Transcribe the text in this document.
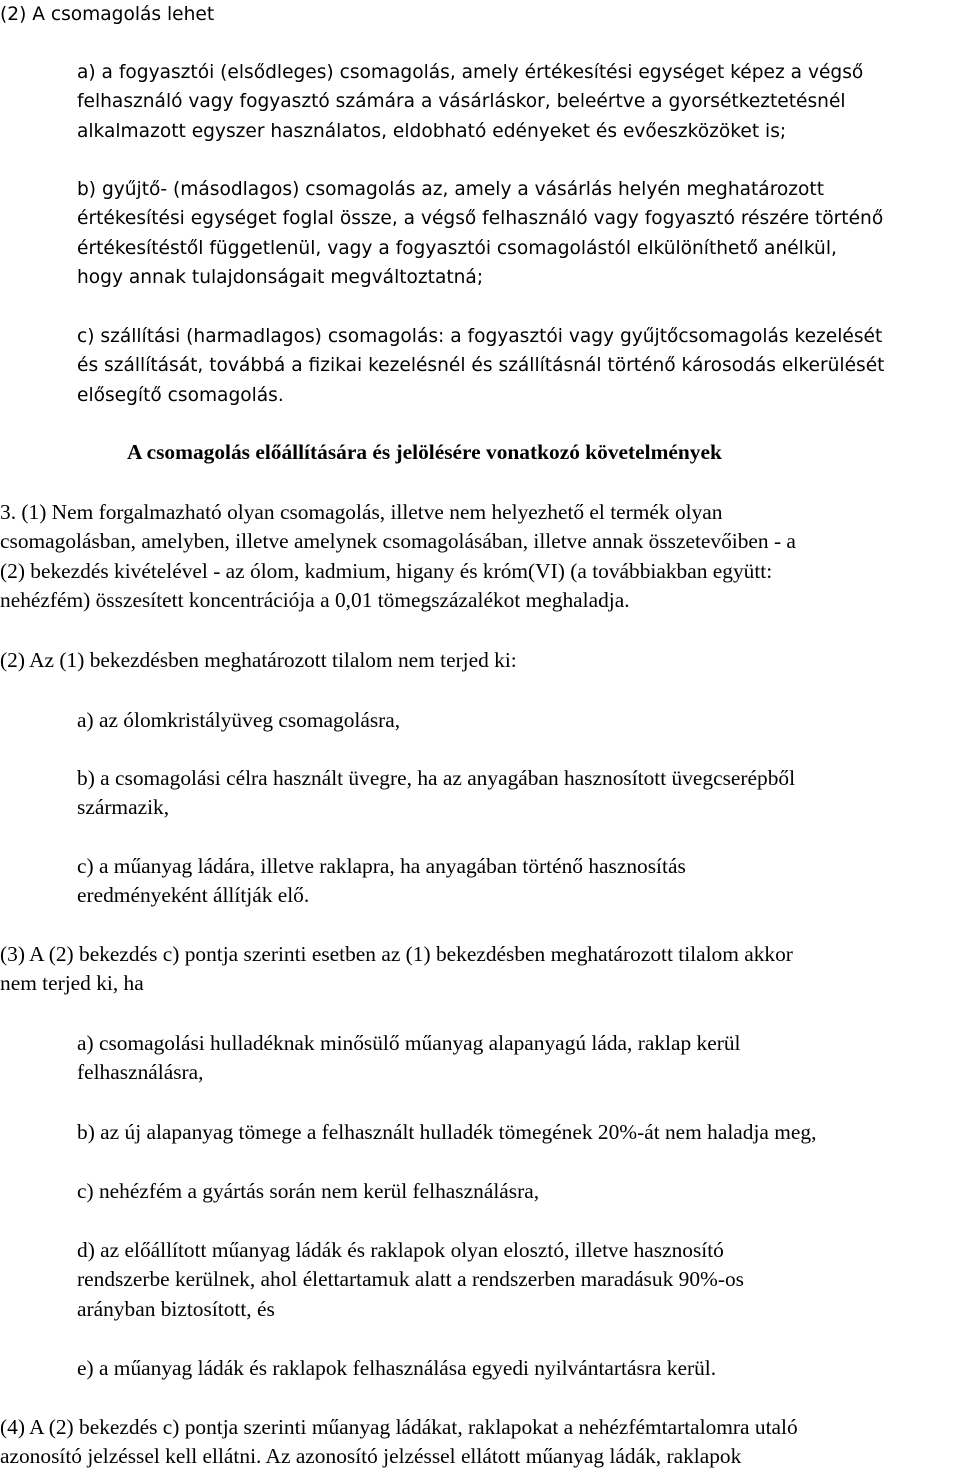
(2) A csomagolás lehet

a) a fogyasztói (elsődleges) csomagolás, amely értékesítési egységet képez a végső
felhasználó vagy fogyasztó számára a vásárláskor, beleértve a gyorsétkeztetésnél
alkalmazott egyszer használatos, eldobható edényeket és evőeszközöket is;

b) gyűjtő- (másodlagos) csomagolás az, amely a vásárlás helyén meghatározott
értékesítési egységet foglal össze, a végső felhasználó vagy fogyasztó részére történő
értékesítéstől függetlenül, vagy a fogyasztói csomagolástól elkülöníthető anélkül,
hogy annak tulajdonságait megváltoztatná;

c) szállítási (harmadlagos) csomagolás: a fogyasztói vagy gyűjtőcsomagolás kezelését
és szállítását, továbbá a fizikai kezelésnél és szállításnál történő károsodás elkerülését
elősegítő csomagolás.

A csomagolás előállítására és jelölésére vonatkozó követelmények

3. (1) Nem forgalmazható olyan csomagolás, illetve nem helyezhető el termék olyan
csomagolásban, amelyben, illetve amelynek csomagolásában, illetve annak összetevőiben - a
(2) bekezdés kivételével - az ólom, kadmium, higany és króm(VI) (a továbbiakban együtt:
nehézfém) összesített koncentrációja a 0,01 tömegszázalékot meghaladja.

(2) Az (1) bekezdésben meghatározott tilalom nem terjed ki:

a) az ólomkristályüveg csomagolásra,

b) a csomagolási célra használt üvegre, ha az anyagában hasznosított üvegcserépből
származik,

c) a műanyag ládára, illetve raklapra, ha anyagában történő hasznosítás
eredményeként állítják elő.

(3) A (2) bekezdés c) pontja szerinti esetben az (1) bekezdésben meghatározott tilalom akkor
nem terjed ki, ha

a) csomagolási hulladéknak minősülő műanyag alapanyagú láda, raklap kerül
felhasználásra,

b) az új alapanyag tömege a felhasznált hulladék tömegének 20%-át nem haladja meg,

c) nehézfém a gyártás során nem kerül felhasználásra,

d) az előállított műanyag ládák és raklapok olyan elosztó, illetve hasznosító
rendszerbe kerülnek, ahol élettartamuk alatt a rendszerben maradásuk 90%-os
arányban biztosított, és

e) a műanyag ládák és raklapok felhasználása egyedi nyilvántartásra kerül.

(4) A (2) bekezdés c) pontja szerinti műanyag ládákat, raklapokat a nehézfémtartalomra utaló
azonosító jelzéssel kell ellátni. Az azonosító jelzéssel ellátott műanyag ládák, raklapok
